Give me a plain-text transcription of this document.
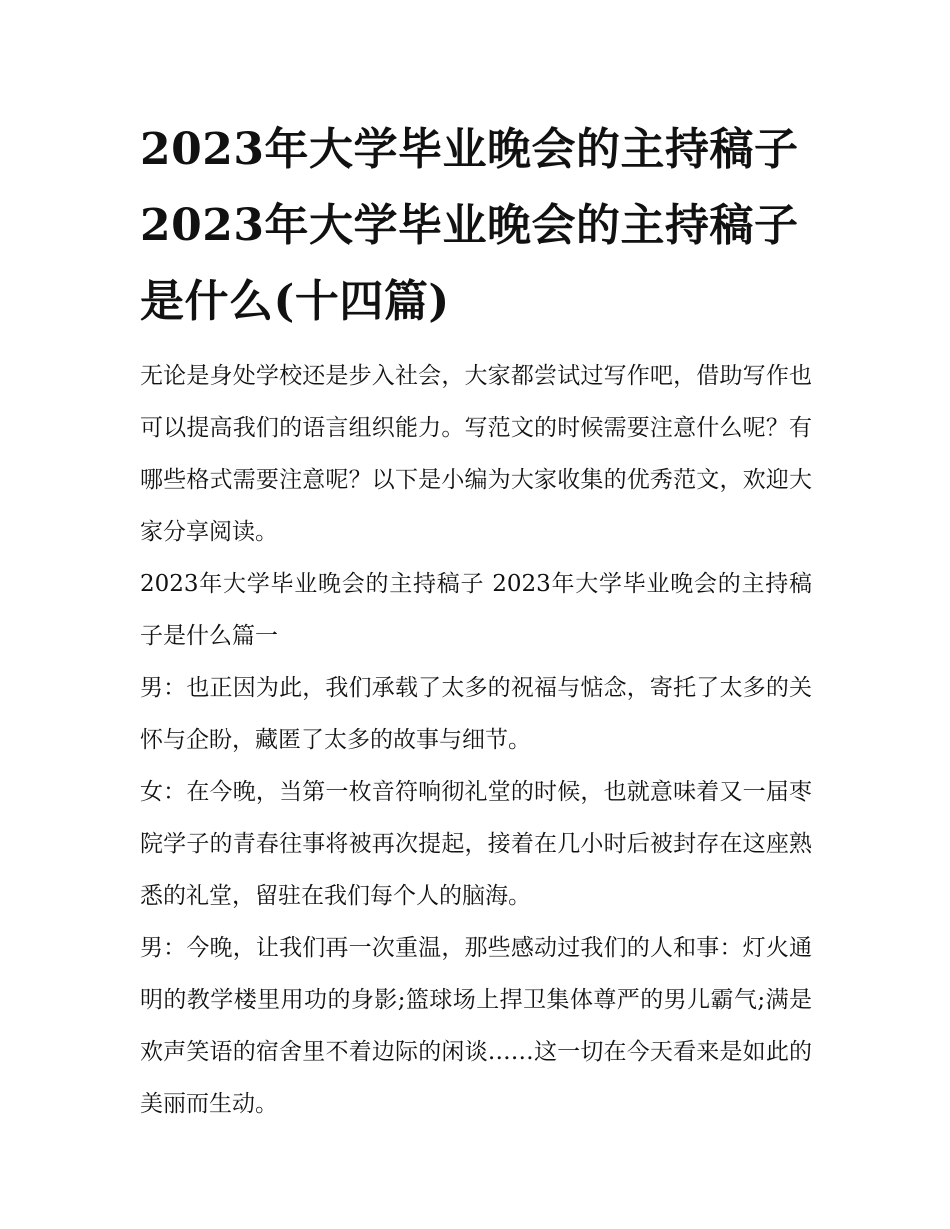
2023年大学毕业晚会的主持稿子 2023年大学毕业晚会的主持稿子是什么(十四篇)

无论是身处学校还是步入社会，大家都尝试过写作吧，借助写作也可以提高我们的语言组织能力。写范文的时候需要注意什么呢？有哪些格式需要注意呢？以下是小编为大家收集的优秀范文，欢迎大家分享阅读。

2023年大学毕业晚会的主持稿子 2023年大学毕业晚会的主持稿子是什么篇一

男：也正因为此，我们承载了太多的祝福与惦念，寄托了太多的关怀与企盼，藏匿了太多的故事与细节。

女：在今晚，当第一枚音符响彻礼堂的时候，也就意味着又一届枣院学子的青春往事将被再次提起，接着在几小时后被封存在这座熟悉的礼堂，留驻在我们每个人的脑海。

男：今晚，让我们再一次重温，那些感动过我们的人和事：灯火通明的教学楼里用功的身影;篮球场上捍卫集体尊严的男儿霸气;满是欢声笑语的宿舍里不着边际的闲谈……这一切在今天看来是如此的美丽而生动。
